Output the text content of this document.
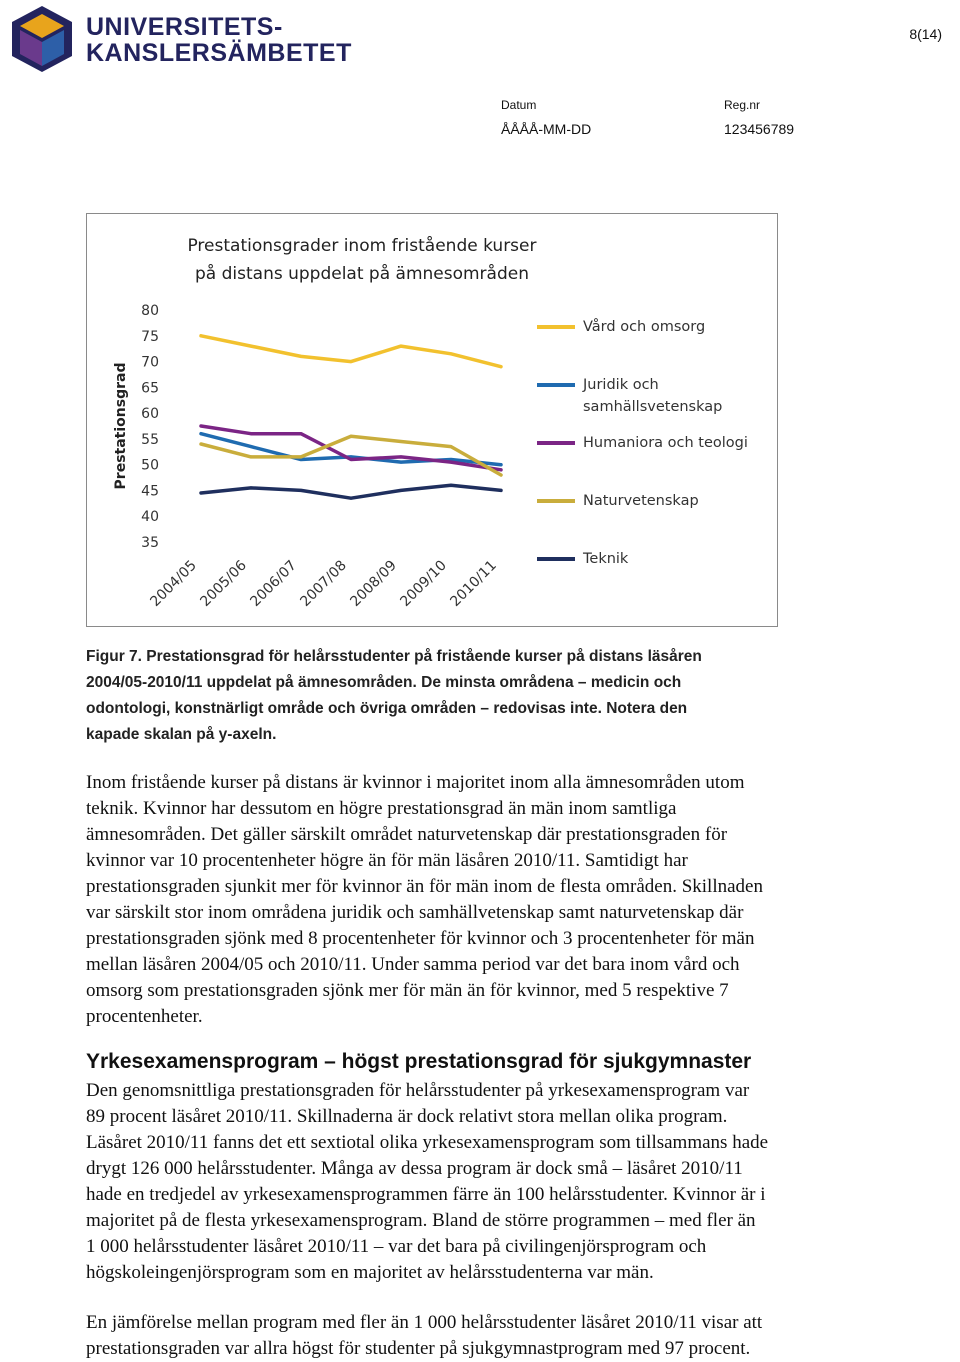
UNIVERSITETS-
KANSLERSÄMBETET
8(14)
Datum
ÅÅÅÅ-MM-DD
Reg.nr
123456789
Prestationsgrader inom fristående kurser på distans uppdelat på ämnesområden
Prestationsgrad
80
75
70
65
60
55
50
45
40
35
2004/05
2005/06
2006/07
2007/08
2008/09
2009/10
2010/11
Vård och omsorg
Juridik och samhällsvetenskap
Humaniora och teologi
Naturvetenskap
Teknik
Figur 7. Prestationsgrad för helårsstudenter på fristående kurser på distans läsåren
2004/05-2010/11 uppdelat på ämnesområden. De minsta områdena – medicin och
odontologi, konstnärligt område och övriga områden – redovisas inte. Notera den
kapade skalan på y-axeln.
Inom fristående kurser på distans är kvinnor i majoritet inom alla ämnesområden utom
teknik. Kvinnor har dessutom en högre prestationsgrad än män inom samtliga
ämnesområden. Det gäller särskilt området naturvetenskap där prestationsgraden för
kvinnor var 10 procentenheter högre än för män läsåren 2010/11. Samtidigt har
prestationsgraden sjunkit mer för kvinnor än för män inom de flesta områden. Skillnaden
var särskilt stor inom områdena juridik och samhällvetenskap samt naturvetenskap där
prestationsgraden sjönk med 8 procentenheter för kvinnor och 3 procentenheter för män
mellan läsåren 2004/05 och 2010/11. Under samma period var det bara inom vård och
omsorg som prestationsgraden sjönk mer för män än för kvinnor, med 5 respektive 7
procentenheter.
Yrkesexamensprogram – högst prestationsgrad för sjukgymnaster
Den genomsnittliga prestationsgraden för helårsstudenter på yrkesexamensprogram var
89 procent läsåret 2010/11. Skillnaderna är dock relativt stora mellan olika program.
Läsåret 2010/11 fanns det ett sextiotal olika yrkesexamensprogram som tillsammans hade
drygt 126 000 helårsstudenter. Många av dessa program är dock små – läsåret 2010/11
hade en tredjedel av yrkesexamensprogrammen färre än 100 helårsstudenter. Kvinnor är i
majoritet på de flesta yrkesexamensprogram. Bland de större programmen – med fler än
1 000 helårsstudenter läsåret 2010/11 – var det bara på civilingenjörsprogram och
högskoleingenjörsprogram som en majoritet av helårsstudenterna var män.
En jämförelse mellan program med fler än 1 000 helårsstudenter läsåret 2010/11 visar att
prestationsgraden var allra högst för studenter på sjukgymnastprogram med 97 procent.
